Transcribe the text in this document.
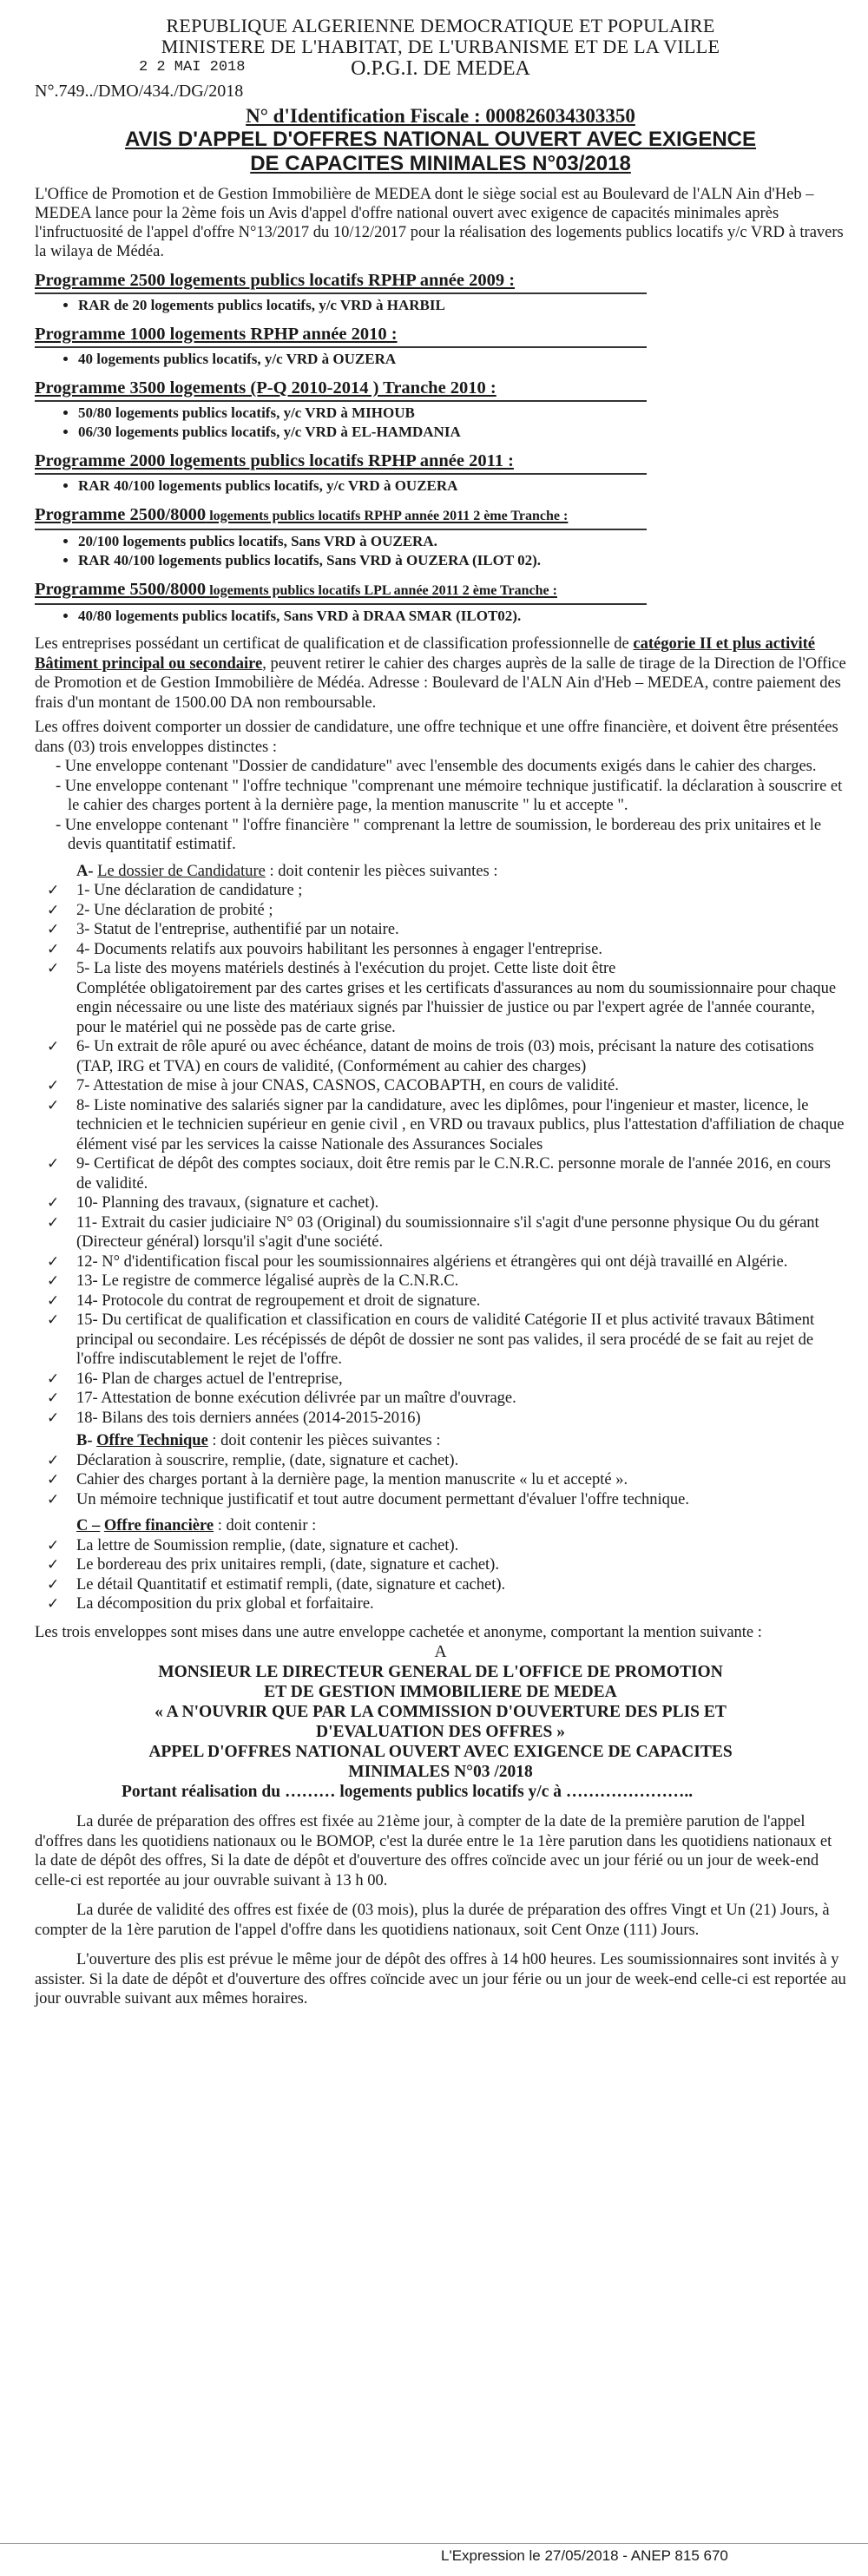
REPUBLIQUE ALGERIENNE DEMOCRATIQUE ET POPULAIRE
MINISTERE DE L'HABITAT, DE L'URBANISME ET DE LA VILLE
2 2 MAI 2018	O.P.G.I. DE MEDEA
N°.749../DMO/434./DG/2018
N° d'Identification Fiscale : 000826034303350
AVIS D'APPEL D'OFFRES NATIONAL OUVERT AVEC EXIGENCE
DE CAPACITES MINIMALES N°03/2018

L'Office de Promotion et de Gestion Immobilière de MEDEA dont le siège social est au Boulevard de l'ALN Ain d'Heb – MEDEA lance pour la 2ème fois un Avis d'appel d'offre national ouvert avec exigence de capacités minimales après l'infructuosité de l'appel d'offre N°13/2017 du 10/12/2017 pour la réalisation des logements publics locatifs y/c VRD à travers la wilaya de Médéa.

Programme 2500 logements publics locatifs RPHP année 2009 :
• RAR de 20 logements publics locatifs, y/c VRD à HARBIL
Programme 1000 logements RPHP année 2010 :
• 40 logements publics locatifs, y/c VRD à OUZERA
Programme 3500 logements (P-Q 2010-2014 ) Tranche 2010 :
• 50/80 logements publics locatifs, y/c VRD à MIHOUB
• 06/30 logements publics locatifs, y/c VRD à EL-HAMDANIA
Programme 2000 logements publics locatifs RPHP année 2011 :
• RAR 40/100 logements publics locatifs, y/c VRD à OUZERA
Programme 2500/8000 logements publics locatifs RPHP année 2011 2 ème Tranche :
• 20/100 logements publics locatifs, Sans VRD à OUZERA.
• RAR 40/100 logements publics locatifs, Sans VRD à OUZERA (ILOT 02).
Programme 5500/8000 logements publics locatifs LPL année 2011 2 ème Tranche :
• 40/80 logements publics locatifs, Sans VRD à DRAA SMAR (ILOT02).

Les entreprises possédant un certificat de qualification et de classification professionnelle de catégorie II et plus activité Bâtiment principal ou secondaire, peuvent retirer le cahier des charges auprès de la salle de tirage de la Direction de l'Office de Promotion et de Gestion Immobilière de Médéa. Adresse : Boulevard de l'ALN Ain d'Heb – MEDEA, contre paiement des frais d'un montant de 1500.00 DA non remboursable.

Les offres doivent comporter un dossier de candidature, une offre technique et une offre financière, et doivent être présentées dans (03) trois enveloppes distinctes :

- Une enveloppe contenant "Dossier de candidature" avec l'ensemble des documents exigés dans le cahier des charges.
- Une enveloppe contenant " l'offre technique "comprenant une mémoire technique justificatif. la déclaration à souscrire et le cahier des charges portent à la dernière page, la mention manuscrite " lu et accepte ".
- Une enveloppe contenant " l'offre financière " comprenant la lettre de soumission, le bordereau des prix unitaires et le devis quantitatif estimatif.
A- Le dossier de Candidature : doit contenir les pièces suivantes :
✓ 1- Une déclaration de candidature ;
✓ 2- Une déclaration de probité ;
✓ 3- Statut de l'entreprise, authentifié par un notaire.
✓ 4- Documents relatifs aux pouvoirs habilitant les personnes à engager l'entreprise.
✓ 5- La liste des moyens matériels destinés à l'exécution du projet. Cette liste doit être
Complétée obligatoirement par des cartes grises et les certificats d'assurances au nom du soumissionnaire pour chaque engin nécessaire ou une liste des matériaux signés par l'huissier de justice ou par l'expert agrée de l'année courante, pour le matériel qui ne possède pas de carte grise.
✓ 6- Un extrait de rôle apuré ou avec échéance, datant de moins de trois (03) mois, précisant la nature des cotisations (TAP, IRG et TVA) en cours de validité, (Conformément au cahier des charges)
✓ 7- Attestation de mise à jour CNAS, CASNOS, CACOBAPTH, en cours de validité.
✓ 8- Liste nominative des salariés signer par la candidature, avec les diplômes, pour l'ingenieur et master, licence, le technicien et le technicien supérieur en genie civil , en VRD ou travaux publics, plus l'attestation d'affiliation de chaque élément visé par les services la caisse Nationale des Assurances Sociales
✓ 9- Certificat de dépôt des comptes sociaux, doit être remis par le C.N.R.C. personne morale de l'année 2016, en cours de validité.
✓ 10- Planning des travaux, (signature et cachet).
✓ 11- Extrait du casier judiciaire N° 03 (Original) du soumissionnaire s'il s'agit d'une personne physique Ou du gérant (Directeur général) lorsqu'il s'agit d'une société.
✓ 12- N° d'identification fiscal pour les soumissionnaires algériens et étrangères qui ont déjà travaillé en Algérie.
✓ 13- Le registre de commerce légalisé auprès de la C.N.R.C.
✓ 14- Protocole du contrat de regroupement et droit de signature.
✓ 15- Du certificat de qualification et classification en cours de validité Catégorie II et plus activité travaux Bâtiment principal ou secondaire. Les récépissés de dépôt de dossier ne sont pas valides, il sera procédé de se fait au rejet de l'offre indiscutablement le rejet de l'offre.
✓ 16- Plan de charges actuel de l'entreprise,
✓ 17- Attestation de bonne exécution délivrée par un maître d'ouvrage.
✓ 18- Bilans des tois derniers années (2014-2015-2016)
B- Offre Technique : doit contenir les pièces suivantes :
✓ Déclaration à souscrire, remplie, (date, signature et cachet).
✓ Cahier des charges portant à la dernière page, la mention manuscrite « lu et accepté ».
✓ Un mémoire technique justificatif et tout autre document permettant d'évaluer l'offre technique.
C – Offre financière : doit contenir :
✓ La lettre de Soumission remplie, (date, signature et cachet).
✓ Le bordereau des prix unitaires rempli, (date, signature et cachet).
✓ Le détail Quantitatif et estimatif rempli, (date, signature et cachet).
✓ La décomposition du prix global et forfaitaire.

Les trois enveloppes sont mises dans une autre enveloppe cachetée et anonyme, comportant la mention suivante :

A
MONSIEUR LE DIRECTEUR GENERAL DE L'OFFICE DE PROMOTION
ET DE GESTION IMMOBILIERE DE MEDEA
« A N'OUVRIR QUE PAR LA COMMISSION D'OUVERTURE DES PLIS ET
D'EVALUATION DES OFFRES »
APPEL D'OFFRES NATIONAL OUVERT AVEC EXIGENCE DE CAPACITES
MINIMALES N°03 /2018
Portant réalisation du ……… logements publics locatifs y/c à …………………..

La durée de préparation des offres est fixée au 21ème jour, à compter de la date de la première parution de l'appel d'offres dans les quotidiens nationaux ou le BOMOP, c'est la durée entre le 1a 1ère parution dans les quotidiens nationaux et la date de dépôt des offres, Si la date de dépôt et d'ouverture des offres coïncide avec un jour férié ou un jour de week-end celle-ci est reportée au jour ouvrable suivant à 13 h 00.

La durée de validité des offres est fixée de (03 mois), plus la durée de préparation des offres Vingt et Un (21) Jours, à compter de la 1ère parution de l'appel d'offre dans les quotidiens nationaux, soit Cent Onze (111) Jours.

L'ouverture des plis est prévue le même jour de dépôt des offres à 14 h00 heures. Les soumissionnaires sont invités à y assister. Si la date de dépôt et d'ouverture des offres coïncide avec un jour férie ou un jour de week-end celle-ci est reportée au jour ouvrable suivant aux mêmes horaires.

L'Expression le 27/05/2018 - ANEP 815 670
